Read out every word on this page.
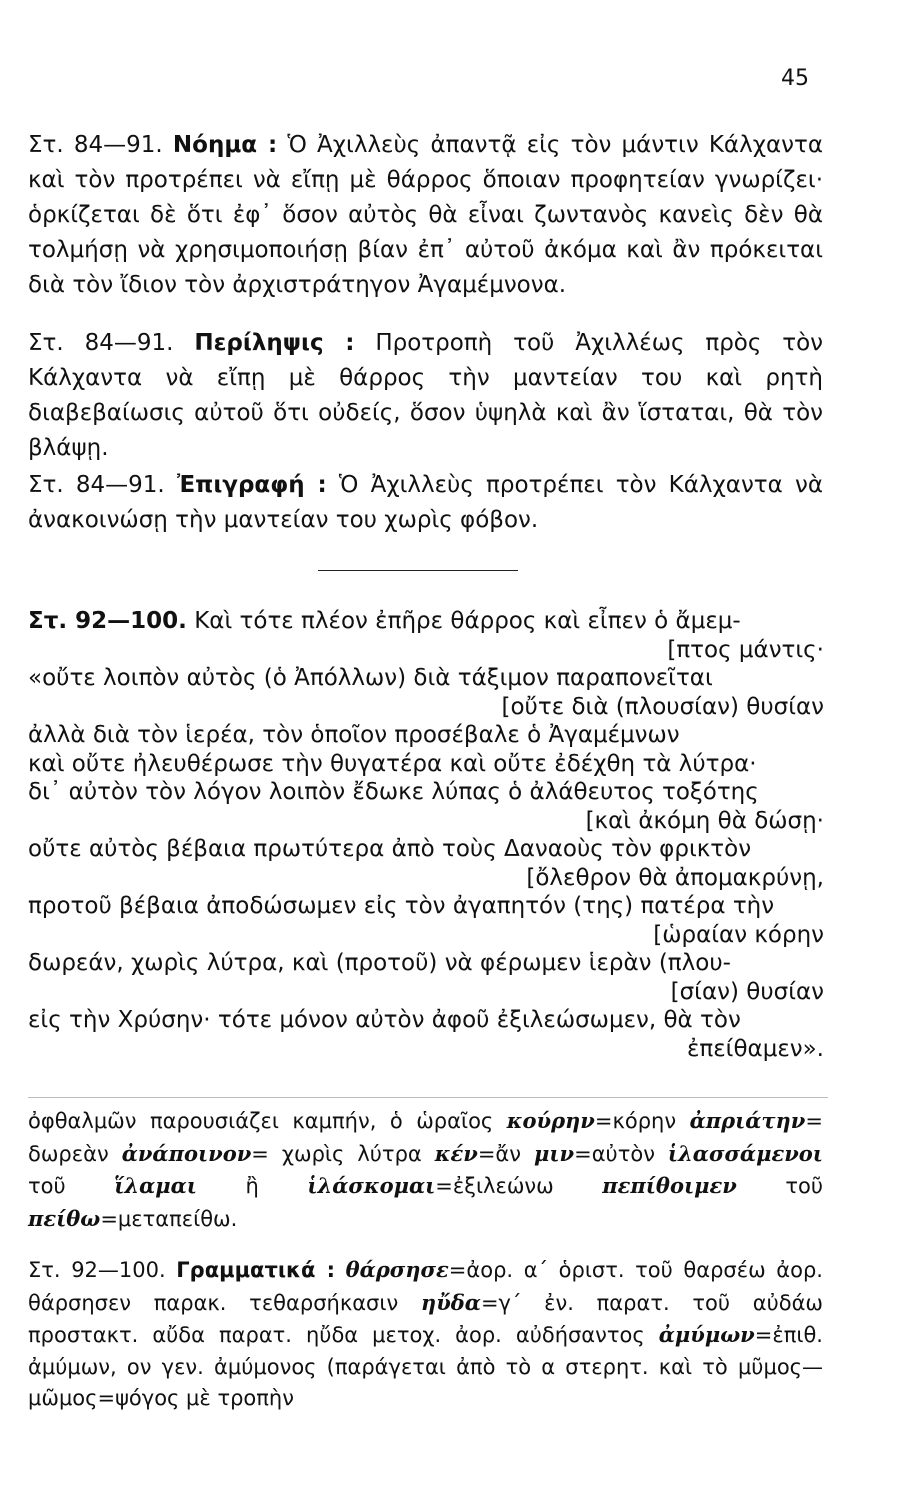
45
Στ. 84—91. Νόημα : Ὁ Ἀχιλλεὺς ἀπαντᾷ εἰς τὸν μάντιν Κάλχαντα καὶ τὸν προτρέπει νὰ εἴπῃ μὲ θάρρος ὅποιαν προφητείαν γνωρίζει· ὁρκίζεται δὲ ὅτι ἐφ᾽ ὅσον αὐτὸς θὰ εἶναι ζωντανὸς κανεὶς δὲν θὰ τολμήσῃ νὰ χρησιμοποιήσῃ βίαν ἐπ᾽ αὐτοῦ ἀκόμα καὶ ἂν πρόκειται διὰ τὸν ἴδιον τὸν ἀρχιστράτηγον Ἀγαμέμνονα.
Στ. 84—91. Περίληψις : Προτροπὴ τοῦ Ἀχιλλέως πρὸς τὸν Κάλχαντα νὰ εἴπῃ μὲ θάρρος τὴν μαντείαν του καὶ ρητὴ διαβεβαίωσις αὐτοῦ ὅτι οὐδείς, ὅσον ὑψηλὰ καὶ ἂν ἵσταται, θὰ τὸν βλάψῃ.
Στ. 84—91. Ἐπιγραφή : Ὁ Ἀχιλλεὺς προτρέπει τὸν Κάλχαντα νὰ ἀνακοινώσῃ τὴν μαντείαν του χωρὶς φόβον.
Στ. 92—100. Καὶ τότε πλέον ἐπῆρε θάρρος καὶ εἶπεν ὁ ἄμεμ-
[πτος μάντις·
«οὔτε λοιπὸν αὐτὸς (ὁ Ἀπόλλων) διὰ τάξιμον παραπονεῖται
[οὔτε διὰ (πλουσίαν) θυσίαν
ἀλλὰ διὰ τὸν ἱερέα, τὸν ὁποῖον προσέβαλε ὁ Ἀγαμέμνων
καὶ οὔτε ἠλευθέρωσε τὴν θυγατέρα καὶ οὔτε ἐδέχθη τὰ λύτρα·
δι᾽ αὐτὸν τὸν λόγον λοιπὸν ἔδωκε λύπας ὁ ἀλάθευτος τοξότης
[καὶ ἀκόμη θὰ δώσῃ·
οὔτε αὐτὸς βέβαια πρωτύτερα ἀπὸ τοὺς Δαναοὺς τὸν φρικτὸν
[ὄλεθρον θὰ ἀπομακρύνῃ,
προτοῦ βέβαια ἀποδώσωμεν εἰς τὸν ἀγαπητόν (της) πατέρα τὴν
[ὡραίαν κόρην
δωρεάν, χωρὶς λύτρα, καὶ (προτοῦ) νὰ φέρωμεν ἱερὰν (πλου-
[σίαν) θυσίαν
εἰς τὴν Χρύσην· τότε μόνον αὐτὸν ἀφοῦ ἐξιλεώσωμεν, θὰ τὸν
ἐπείθαμεν».
ὀφθαλμῶν παρουσιάζει καμπήν, ὁ ὡραῖος κούρην=κόρην ἀπριάτην= δωρεὰν ἀνάποινον= χωρὶς λύτρα κέν=ἄν μιν=αὐτὸν ἱλασσάμενοι τοῦ ἵλαμαι ἢ ἱλάσκομαι=ἐξιλεώνω πεπίθοιμεν τοῦ πείθω=μεταπείθω.
Στ. 92—100. Γραμματικά : θάρσησε=ἀορ. α΄ ὁριστ. τοῦ θαρσέω ἀορ. θάρσησεν παρακ. τεθαρσήκασιν ηὔδα=γ΄ ἐν. παρατ. τοῦ αὐδάω προστακτ. αὔδα παρατ. ηὔδα μετοχ. ἀορ. αὐδήσαντος ἀμύμων=ἐπιθ. ἀμύμων, ον γεν. ἀμύμονος (παράγεται ἀπὸ τὸ α στερητ. καὶ τὸ μῦμος—μῶμος=ψόγος μὲ τροπὴν
